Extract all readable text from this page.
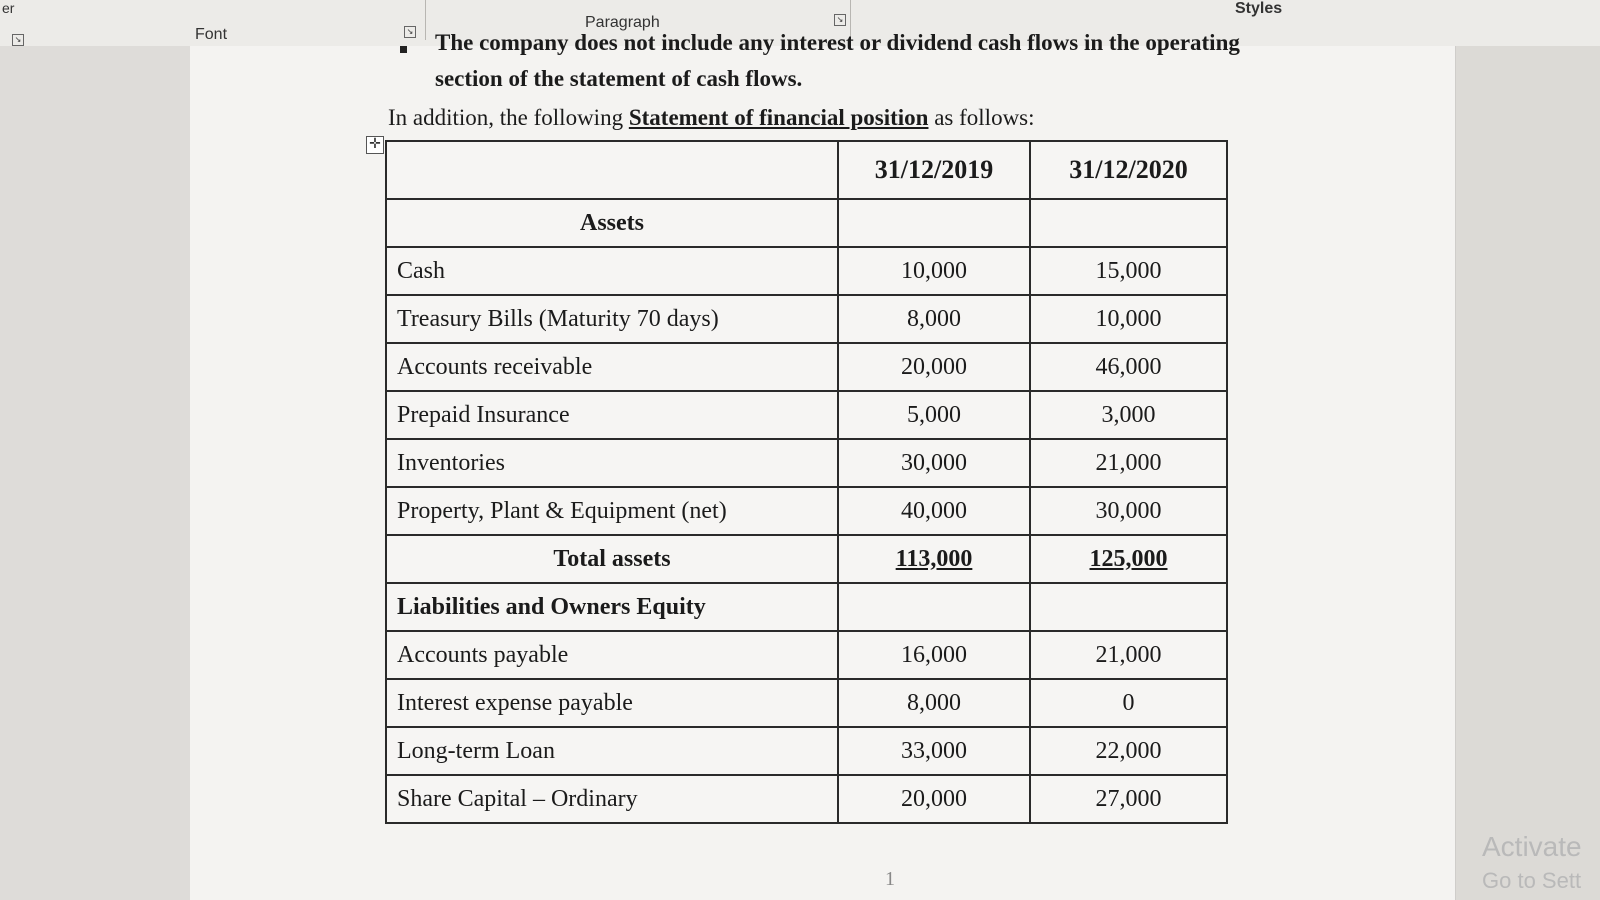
er
↘	Font	↘
Paragraph	↘
Styles
The company does not include any interest or dividend cash flows in the operating
section of the statement of cash flows.
In addition, the following Statement of financial position as follows:
✛
	31/12/2019	31/12/2020
Assets		
Cash	10,000	15,000
Treasury Bills (Maturity 70 days)	8,000	10,000
Accounts receivable	20,000	46,000
Prepaid Insurance	5,000	3,000
Inventories	30,000	21,000
Property, Plant & Equipment (net)	40,000	30,000
Total assets	113,000	125,000
Liabilities and Owners Equity		
Accounts payable	16,000	21,000
Interest expense payable	8,000	0
Long-term Loan	33,000	22,000
Share Capital – Ordinary	20,000	27,000
1
Activate
Go to Sett
